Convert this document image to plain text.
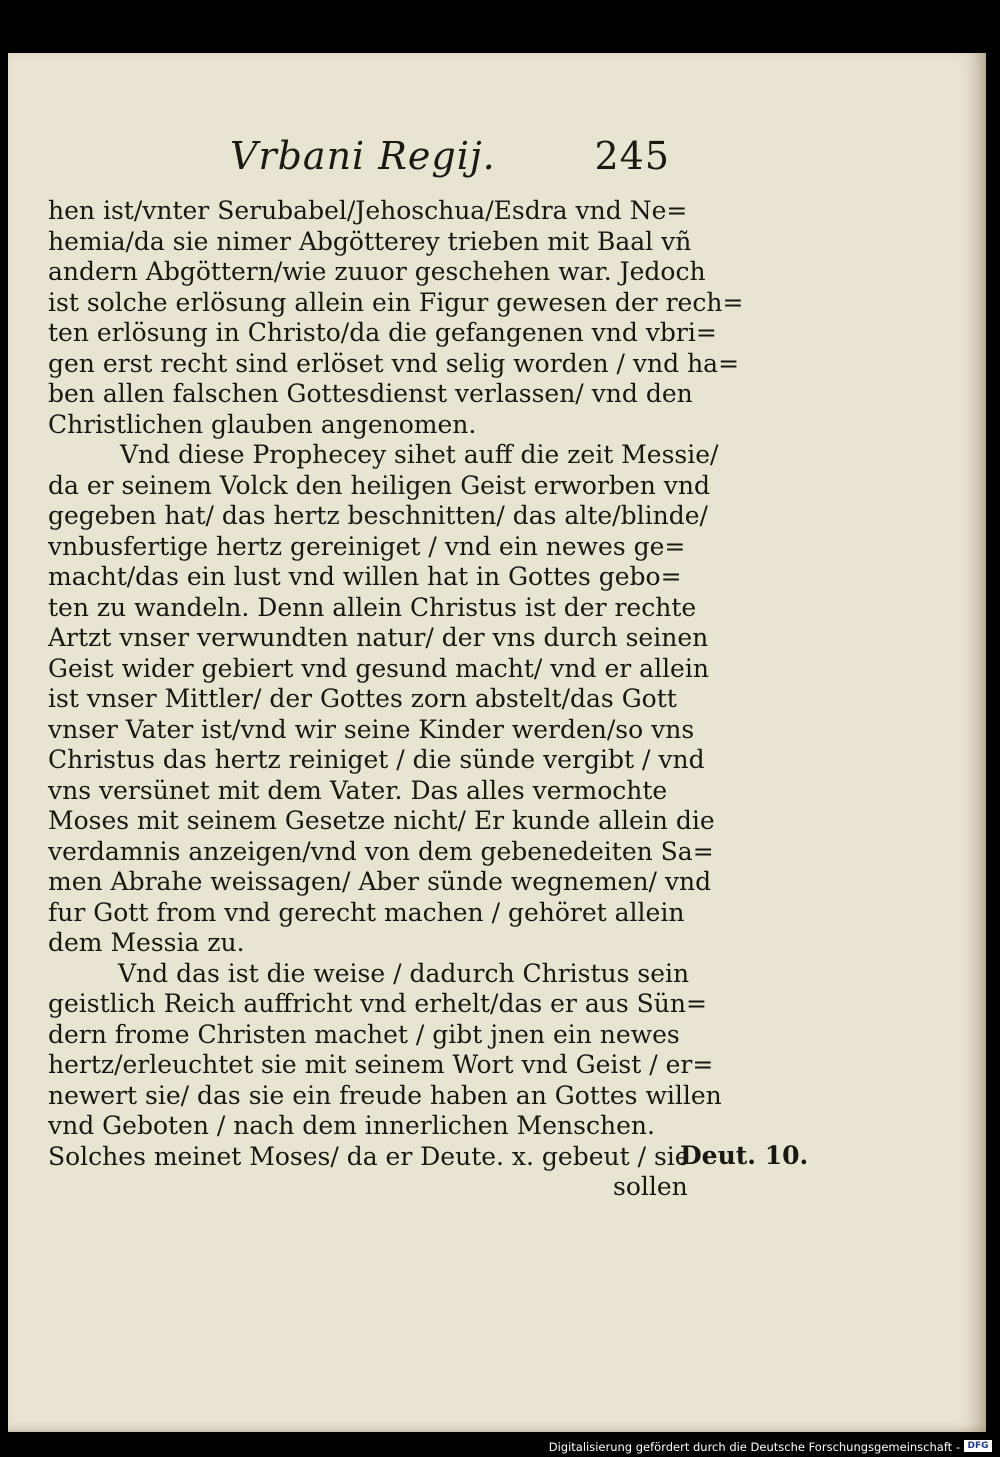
Vrbani Regij.	245
hen ist/vnter Serubabel/Jehoschua/Esdra vnd Ne=
hemia/da sie nimer Abgötterey trieben mit Baal vñ
andern Abgöttern/wie zuuor geschehen war. Jedoch
ist solche erlösung allein ein Figur gewesen der rech=
ten erlösung in Christo/da die gefangenen vnd vbri=
gen erst recht sind erlöset vnd selig worden / vnd ha=
ben allen falschen Gottesdienst verlassen/ vnd den
Christlichen glauben angenomen.
Vnd diese Prophecey sihet auff die zeit Messie/
da er seinem Volck den heiligen Geist erworben vnd
gegeben hat/ das hertz beschnitten/ das alte/blinde/
vnbusfertige hertz gereiniget / vnd ein newes ge=
macht/das ein lust vnd willen hat in Gottes gebo=
ten zu wandeln. Denn allein Christus ist der rechte
Artzt vnser verwundten natur/ der vns durch seinen
Geist wider gebiert vnd gesund macht/ vnd er allein
ist vnser Mittler/ der Gottes zorn abstelt/das Gott
vnser Vater ist/vnd wir seine Kinder werden/so vns
Christus das hertz reiniget / die sünde vergibt / vnd
vns versünet mit dem Vater. Das alles vermochte
Moses mit seinem Gesetze nicht/ Er kunde allein die
verdamnis anzeigen/vnd von dem gebenedeiten Sa=
men Abrahe weissagen/ Aber sünde wegnemen/ vnd
fur Gott from vnd gerecht machen / gehöret allein
dem Messia zu.
Vnd das ist die weise / dadurch Christus sein
geistlich Reich auffricht vnd erhelt/das er aus Sün=
dern frome Christen machet / gibt jnen ein newes
hertz/erleuchtet sie mit seinem Wort vnd Geist / er=
newert sie/ das sie ein freude haben an Gottes willen
vnd Geboten / nach dem innerlichen Menschen.
Solches meinet Moses/ da er Deute. x. gebeut / sie
sollen
Deut. 10.
Digitalisierung gefördert durch die Deutsche Forschungsgemeinschaft - DFG
